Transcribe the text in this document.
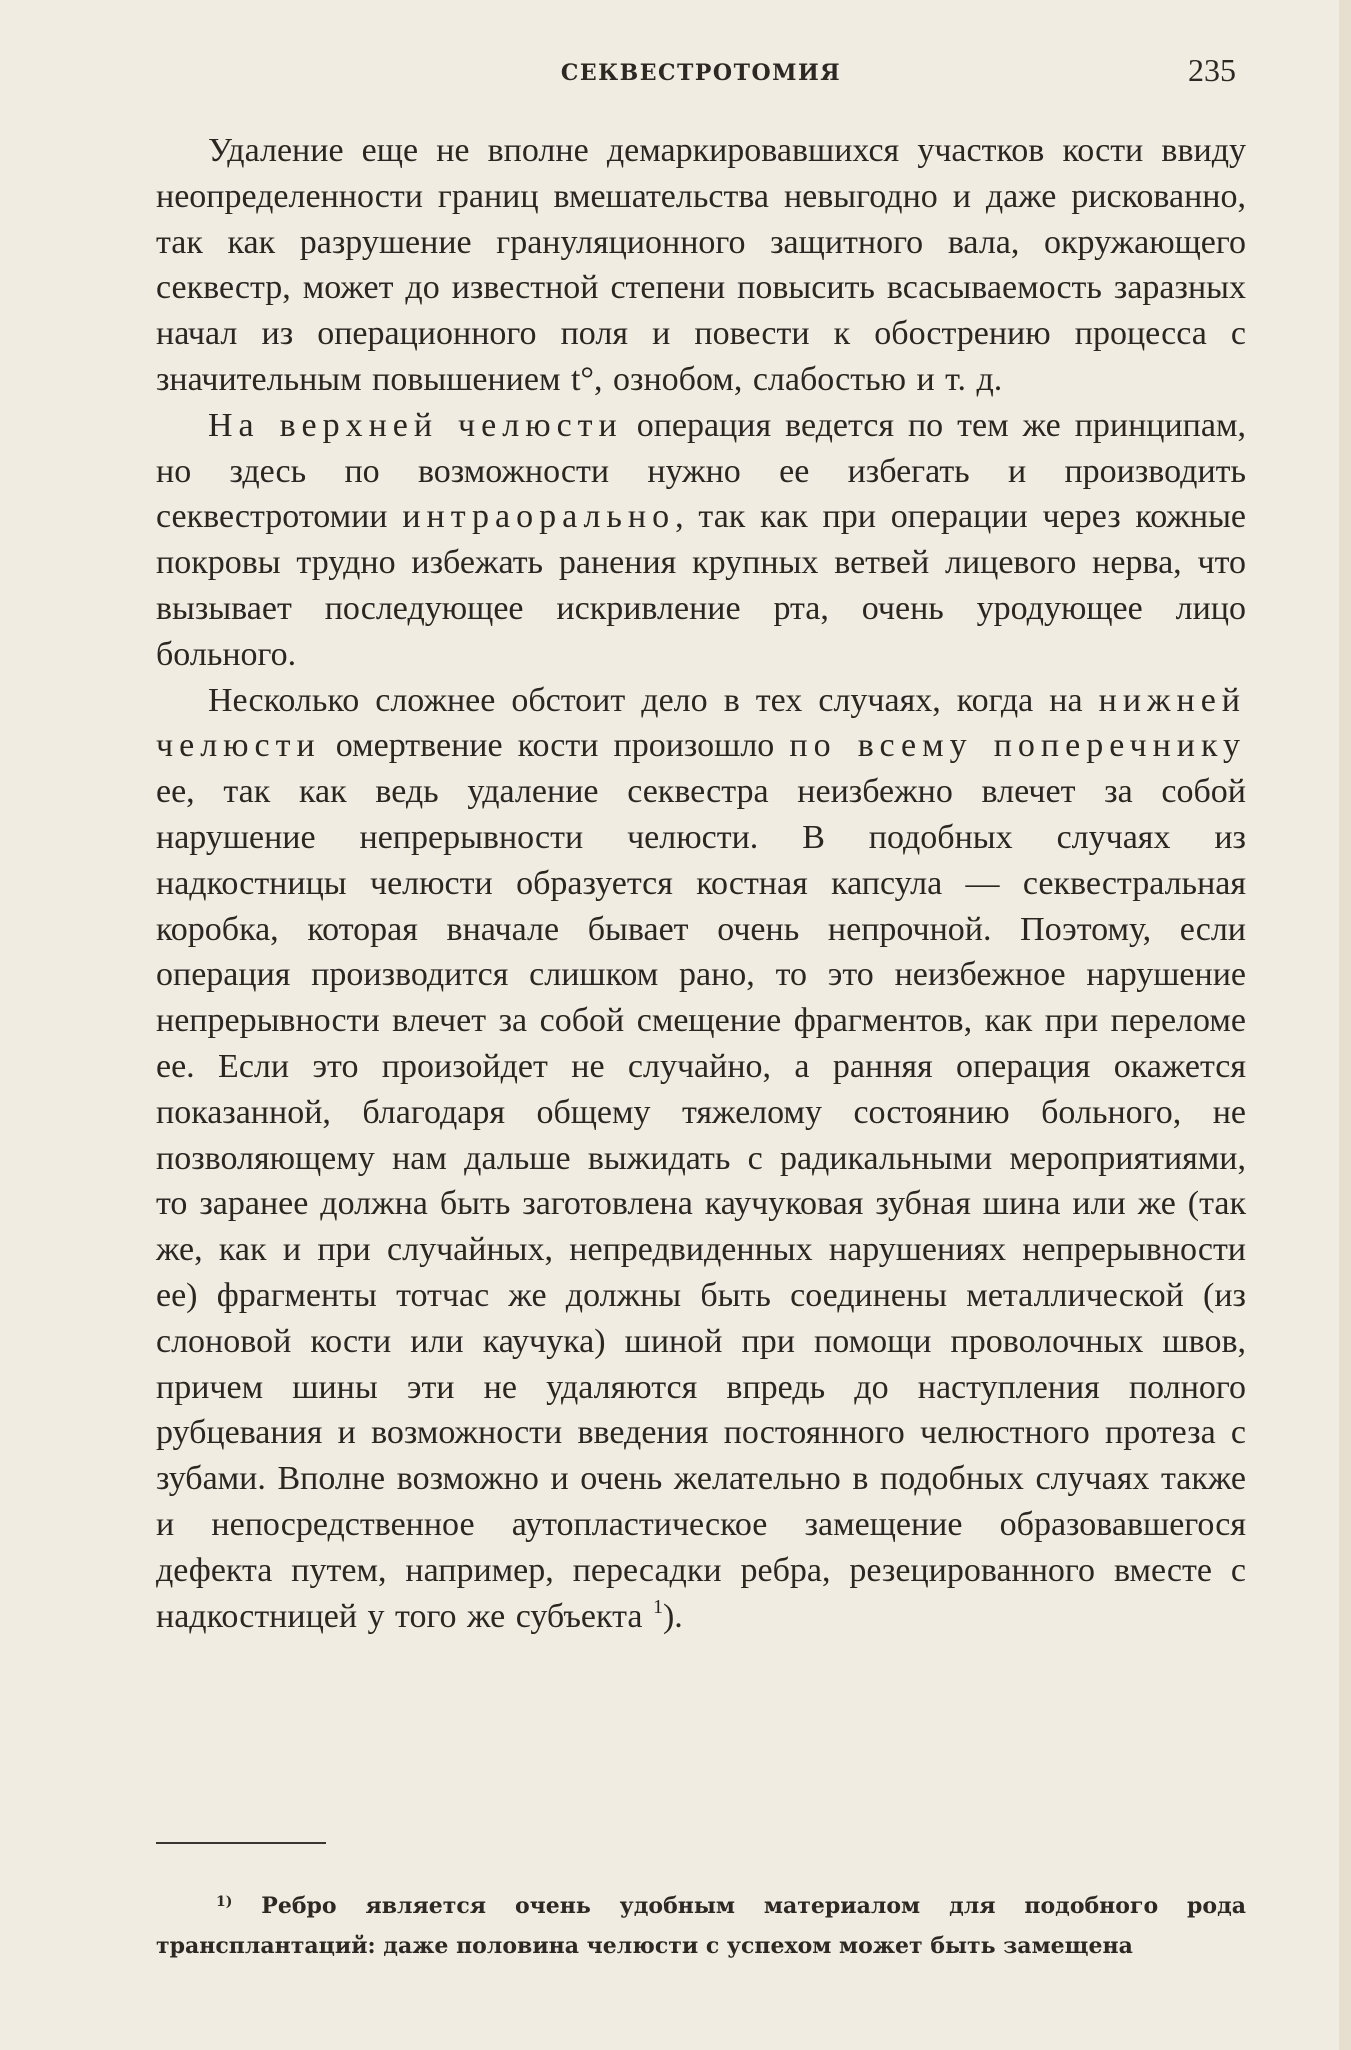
СЕКВЕСТРОТОМИЯ	235

Удаление еще не вполне демаркировавшихся участков кости ввиду неопределенности границ вмешательства невыгодно и даже рискованно, так как разрушение грануляционного защитного вала, окружающего секвестр, может до известной степени повысить всасываемость заразных начал из операционного поля и повести к обострению процесса с значительным повышением t°, ознобом, слабостью и т. д.

На верхней челюсти операция ведется по тем же принципам, но здесь по возможности нужно ее избегать и производить секвестротомии интраорально, так как при операции через кожные покровы трудно избежать ранения крупных ветвей лицевого нерва, что вызывает последующее искривление рта, очень уродующее лицо больного.

Несколько сложнее обстоит дело в тех случаях, когда на нижней челюсти омертвение кости произошло по всему поперечнику ее, так как ведь удаление секвестра неизбежно влечет за собой нарушение непрерывности челюсти. В подобных случаях из надкостницы челюсти образуется костная капсула — секвестральная коробка, которая вначале бывает очень непрочной. Поэтому, если операция производится слишком рано, то это неизбежное нарушение непрерывности влечет за собой смещение фрагментов, как при переломе ее. Если это произойдет не случайно, а ранняя операция окажется показанной, благодаря общему тяжелому состоянию больного, не позволяющему нам дальше выжидать с радикальными мероприятиями, то заранее должна быть заготовлена каучуковая зубная шина или же (так же, как и при случайных, непредвиденных нарушениях непрерывности ее) фрагменты тотчас же должны быть соединены металлической (из слоновой кости или каучука) шиной при помощи проволочных швов, причем шины эти не удаляются впредь до наступления полного рубцевания и возможности введения постоянного челюстного протеза с зубами. Вполне возможно и очень желательно в подобных случаях также и непосредственное аутопластическое замещение образовавшегося дефекта путем, например, пересадки ребра, резецированного вместе с надкостницей у того же субъекта $^1$).

$^{1)}$ Ребро является очень удобным материалом для подобного рода трансплантаций: даже половина челюсти с успехом может быть замещена
